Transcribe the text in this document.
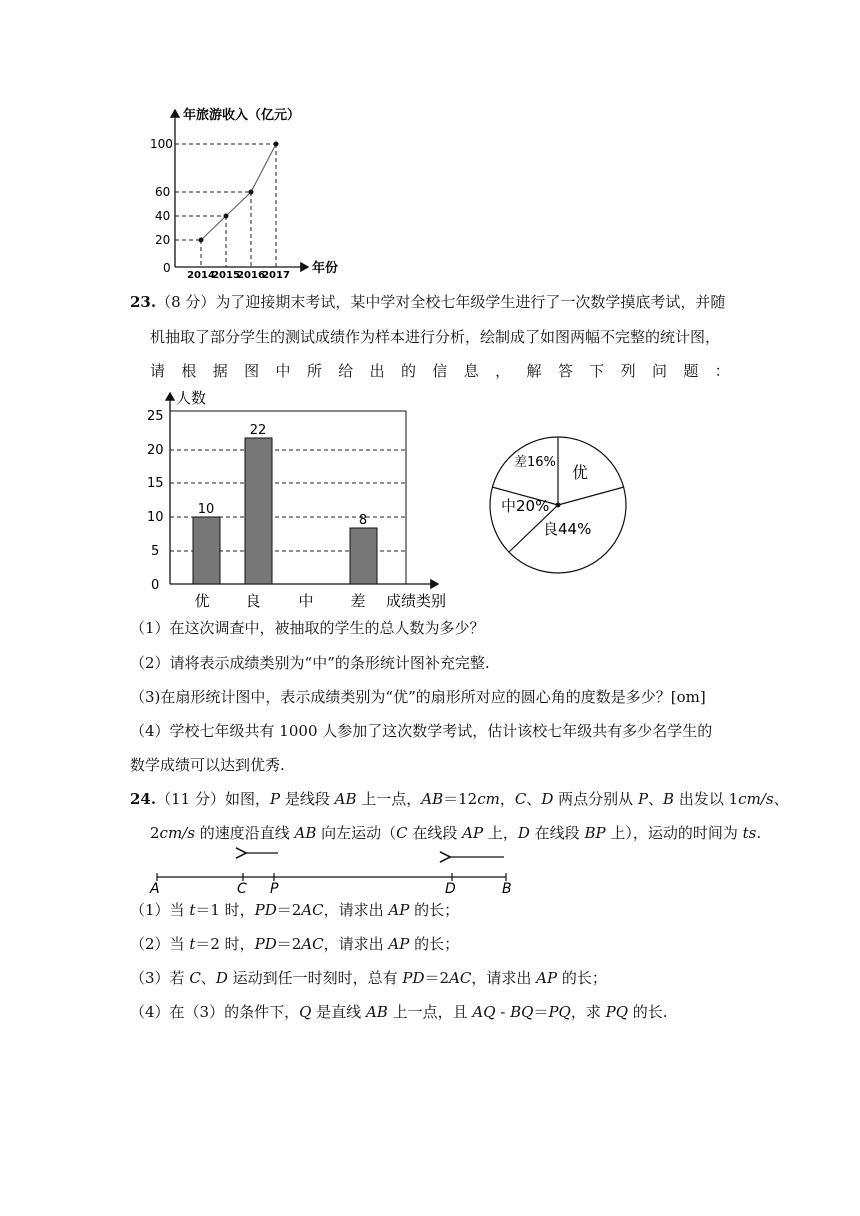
年旅游收入（亿元）
年份
0
20
40
60
100
2014
2015
2016
2017
23.（8 分）为了迎接期末考试，某中学对全校七年级学生进行了一次数学摸底考试，并随
机抽取了部分学生的测试成绩作为样本进行分析，绘制成了如图两幅不完整的统计图，
请 根 据 图 中 所 给 出 的 信 息 ， 解 答 下 列 问 题 ：
人数
成绩类别
0
5
10
15
20
25
10
22
8
优 良	中 差
优
良44%
中20%
差16%
（1）在这次调查中，被抽取的学生的总人数为多少？
（2）请将表示成绩类别为“中”的条形统计图补充完整.
（3)在扇形统计图中，表示成绩类别为“优”的扇形所对应的圆心角的度数是多少？[om]
（4）学校七年级共有 1000 人参加了这次数学考试，估计该校七年级共有多少名学生的
数学成绩可以达到优秀.
24.（11 分）如图，P 是线段 AB 上一点，AB＝12cm，C、D 两点分别从 P、B 出发以 1cm/s、
2cm/s 的速度沿直线 AB 向左运动（C 在线段 AP 上，D 在线段 BP 上），运动的时间为 ts.
A	C P	D	B
（1）当 t＝1 时，PD＝2AC，请求出 AP 的长；
（2）当 t＝2 时，PD＝2AC，请求出 AP 的长；
（3）若 C、D 运动到任一时刻时，总有 PD＝2AC，请求出 AP 的长；
（4）在（3）的条件下，Q 是直线 AB 上一点，且 AQ - BQ＝PQ，求 PQ 的长.
